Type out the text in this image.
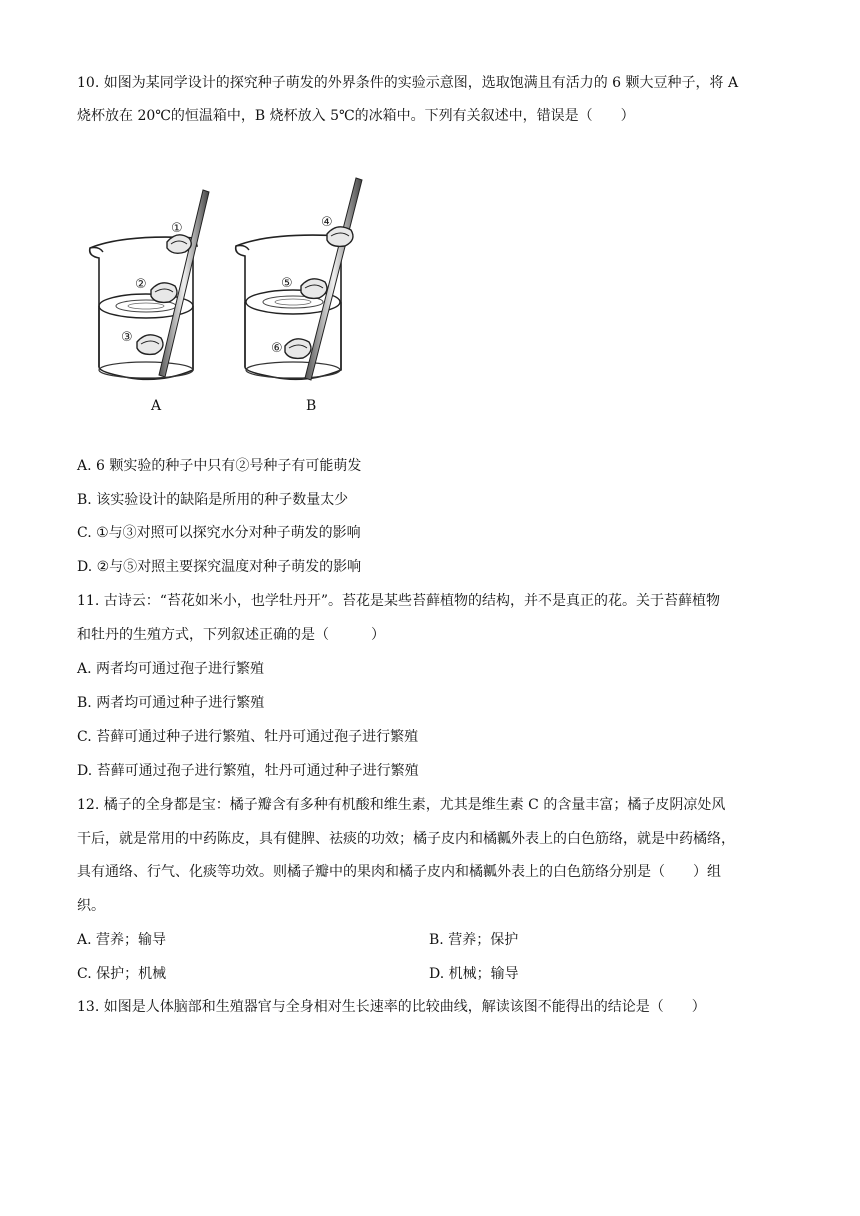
10. 如图为某同学设计的探究种子萌发的外界条件的实验示意图，选取饱满且有活力的 6 颗大豆种子，将 A
烧杯放在 20℃的恒温箱中，B 烧杯放入 5℃的冰箱中。下列有关叙述中，错误是（　　）
①
②
③
④
⑤
⑥
A	B
A. 6 颗实验的种子中只有②号种子有可能萌发
B. 该实验设计的缺陷是所用的种子数量太少
C. ①与③对照可以探究水分对种子萌发的影响
D. ②与⑤对照主要探究温度对种子萌发的影响
11. 古诗云：“苔花如米小，也学牡丹开”。苔花是某些苔藓植物的结构，并不是真正的花。关于苔藓植物
和牡丹的生殖方式，下列叙述正确的是（　　　）
A. 两者均可通过孢子进行繁殖
B. 两者均可通过种子进行繁殖
C. 苔藓可通过种子进行繁殖、牡丹可通过孢子进行繁殖
D. 苔藓可通过孢子进行繁殖，牡丹可通过种子进行繁殖
12. 橘子的全身都是宝：橘子瓣含有多种有机酸和维生素，尤其是维生素 C 的含量丰富；橘子皮阴凉处风
干后，就是常用的中药陈皮，具有健脾、祛痰的功效；橘子皮内和橘瓤外表上的白色筋络，就是中药橘络，
具有通络、行气、化痰等功效。则橘子瓣中的果肉和橘子皮内和橘瓤外表上的白色筋络分别是（　　）组
织。
A. 营养；输导	B. 营养；保护
C. 保护；机械	D. 机械；输导
13. 如图是人体脑部和生殖器官与全身相对生长速率的比较曲线，解读该图不能得出的结论是（　　）
